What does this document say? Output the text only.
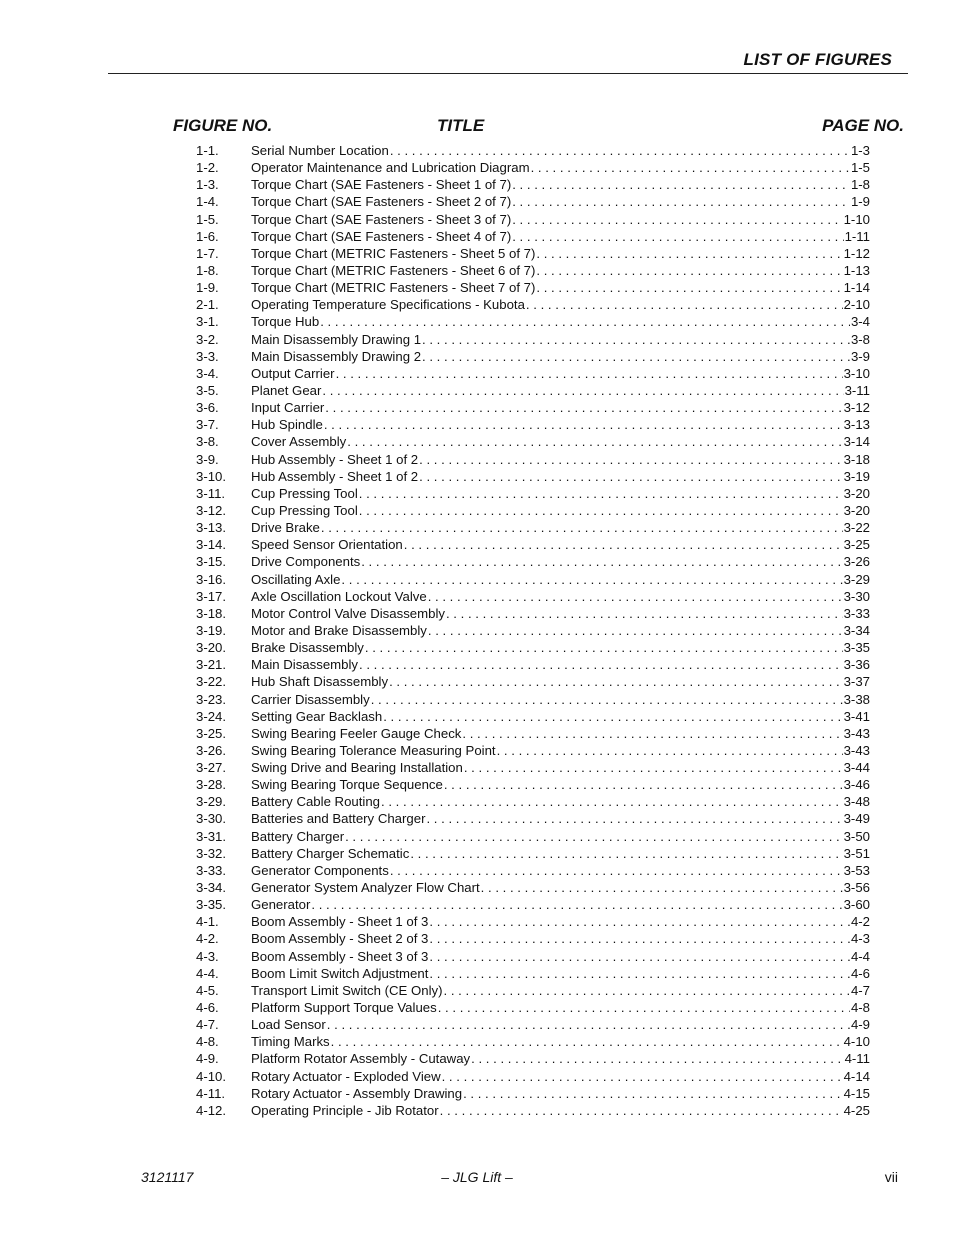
LIST OF FIGURES
FIGURE NO.	TITLE	PAGE NO.
1-1.	Serial Number Location . . .	1-3
1-2.	Operator Maintenance and Lubrication Diagram . . .	1-5
1-3.	Torque Chart (SAE Fasteners - Sheet 1 of 7) . . .	1-8
1-4.	Torque Chart (SAE Fasteners - Sheet 2 of 7) . . .	1-9
1-5.	Torque Chart (SAE Fasteners - Sheet 3 of 7) . . .	1-10
1-6.	Torque Chart (SAE Fasteners - Sheet 4 of 7) . . .	1-11
1-7.	Torque Chart (METRIC Fasteners - Sheet 5 of 7) . . .	1-12
1-8.	Torque Chart (METRIC Fasteners - Sheet 6 of 7) . . .	1-13
1-9.	Torque Chart (METRIC Fasteners - Sheet 7 of 7) . . .	1-14
2-1.	Operating Temperature Specifications - Kubota . . .	2-10
3-1.	Torque Hub . . .	3-4
3-2.	Main Disassembly Drawing 1 . . .	3-8
3-3.	Main Disassembly Drawing 2 . . .	3-9
3-4.	Output Carrier . . .	3-10
3-5.	Planet Gear . . .	3-11
3-6.	Input Carrier . . .	3-12
3-7.	Hub Spindle . . .	3-13
3-8.	Cover Assembly . . .	3-14
3-9.	Hub Assembly - Sheet 1 of 2 . . .	3-18
3-10.	Hub Assembly - Sheet 1 of 2 . . .	3-19
3-11.	Cup Pressing Tool . . .	3-20
3-12.	Cup Pressing Tool . . .	3-20
3-13.	Drive Brake . . .	3-22
3-14.	Speed Sensor Orientation . . .	3-25
3-15.	Drive Components . . .	3-26
3-16.	Oscillating Axle . . .	3-29
3-17.	Axle Oscillation Lockout Valve . . .	3-30
3-18.	Motor Control Valve Disassembly . . .	3-33
3-19.	Motor and Brake Disassembly . . .	3-34
3-20.	Brake Disassembly . . .	3-35
3-21.	Main Disassembly . . .	3-36
3-22.	Hub Shaft Disassembly . . .	3-37
3-23.	Carrier Disassembly . . .	3-38
3-24.	Setting Gear Backlash . . .	3-41
3-25.	Swing Bearing Feeler Gauge Check . . .	3-43
3-26.	Swing Bearing Tolerance Measuring Point . . .	3-43
3-27.	Swing Drive and Bearing Installation . . .	3-44
3-28.	Swing Bearing Torque Sequence . . .	3-46
3-29.	Battery Cable Routing . . .	3-48
3-30.	Batteries and Battery Charger . . .	3-49
3-31.	Battery Charger . . .	3-50
3-32.	Battery Charger Schematic . . .	3-51
3-33.	Generator Components . . .	3-53
3-34.	Generator System Analyzer Flow Chart . . .	3-56
3-35.	Generator . . .	3-60
4-1.	Boom Assembly - Sheet 1 of 3 . . .	4-2
4-2.	Boom Assembly - Sheet 2 of 3 . . .	4-3
4-3.	Boom Assembly - Sheet 3 of 3 . . .	4-4
4-4.	Boom Limit Switch Adjustment . . .	4-6
4-5.	Transport Limit Switch (CE Only) . . .	4-7
4-6.	Platform Support Torque Values . . .	4-8
4-7.	Load Sensor . . .	4-9
4-8.	Timing Marks . . .	4-10
4-9.	Platform Rotator Assembly - Cutaway . . .	4-11
4-10.	Rotary Actuator - Exploded View . . .	4-14
4-11.	Rotary Actuator - Assembly Drawing . . .	4-15
4-12.	Operating Principle - Jib Rotator . . .	4-25
3121117	– JLG Lift –	vii
